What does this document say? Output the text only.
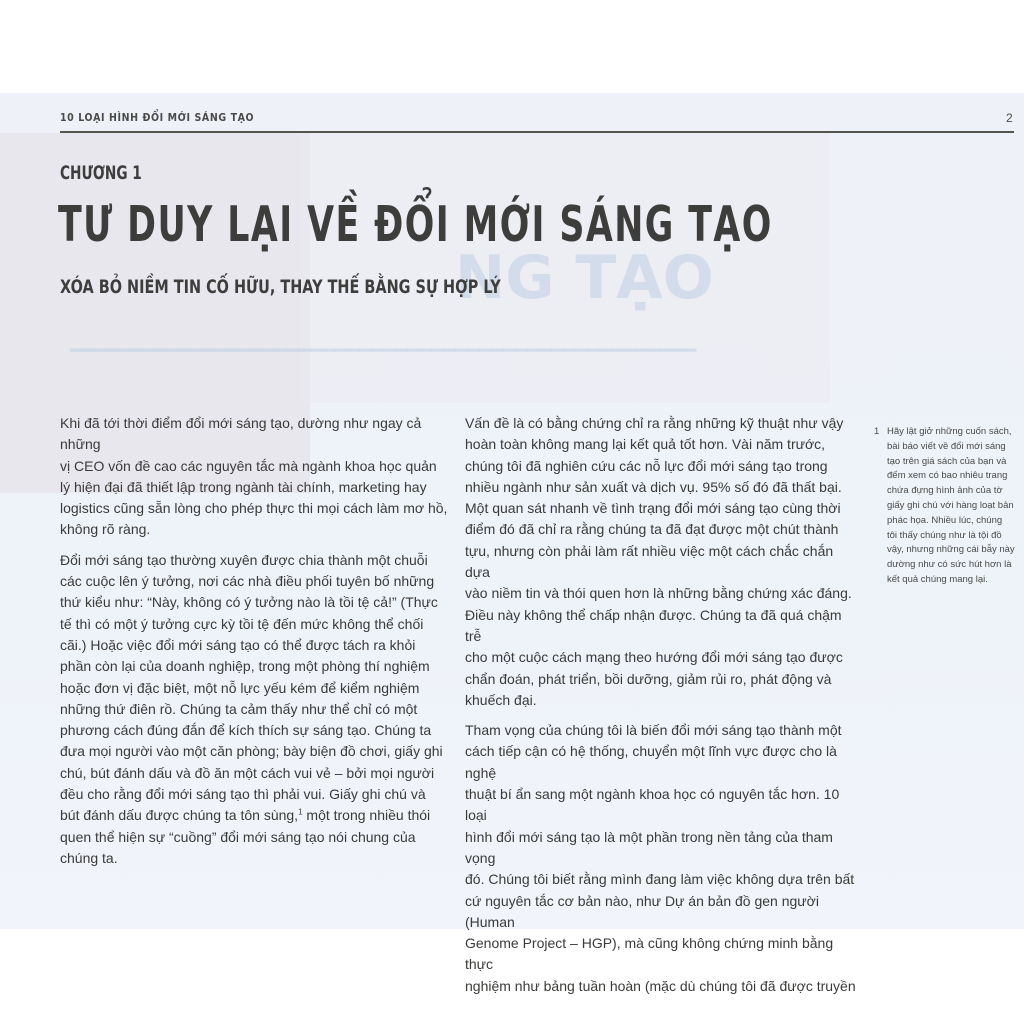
NG TẠO
━━━━━━━━━━━━━━━━━━━━━━━━━━━━━━━━━━━━━━━━━━━━━━━━━━━━
10 LOẠI HÌNH ĐỔI MỚI SÁNG TẠO	2
CHƯƠNG 1
TƯ DUY LẠI VỀ ĐỔI MỚI SÁNG TẠO
XÓA BỎ NIỀM TIN CỐ HỮU, THAY THẾ BẰNG SỰ HỢP LÝ

Khi đã tới thời điểm đổi mới sáng tạo, dường như ngay cả những
vị CEO vốn đề cao các nguyên tắc mà ngành khoa học quản
lý hiện đại đã thiết lập trong ngành tài chính, marketing hay
logistics cũng sẵn lòng cho phép thực thi mọi cách làm mơ hồ,
không rõ ràng.

Đổi mới sáng tạo thường xuyên được chia thành một chuỗi
các cuộc lên ý tưởng, nơi các nhà điều phối tuyên bố những
thứ kiểu như: “Này, không có ý tưởng nào là tồi tệ cả!” (Thực
tế thì có một ý tưởng cực kỳ tồi tệ đến mức không thể chối
cãi.) Hoặc việc đổi mới sáng tạo có thể được tách ra khỏi
phần còn lại của doanh nghiệp, trong một phòng thí nghiệm
hoặc đơn vị đặc biệt, một nỗ lực yếu kém để kiểm nghiệm
những thứ điên rồ. Chúng ta cảm thấy như thể chỉ có một
phương cách đúng đắn để kích thích sự sáng tạo. Chúng ta
đưa mọi người vào một căn phòng; bày biện đồ chơi, giấy ghi
chú, bút đánh dấu và đồ ăn một cách vui vẻ – bởi mọi người
đều cho rằng đổi mới sáng tạo thì phải vui. Giấy ghi chú và
bút đánh dấu được chúng ta tôn sùng,$^1$ một trong nhiều thói
quen thể hiện sự “cuồng” đổi mới sáng tạo nói chung của
chúng ta.

Vấn đề là có bằng chứng chỉ ra rằng những kỹ thuật như vậy
hoàn toàn không mang lại kết quả tốt hơn. Vài năm trước,
chúng tôi đã nghiên cứu các nỗ lực đổi mới sáng tạo trong
nhiều ngành như sản xuất và dịch vụ. 95% số đó đã thất bại.
Một quan sát nhanh về tình trạng đổi mới sáng tạo cùng thời
điểm đó đã chỉ ra rằng chúng ta đã đạt được một chút thành
tựu, nhưng còn phải làm rất nhiều việc một cách chắc chắn dựa
vào niềm tin và thói quen hơn là những bằng chứng xác đáng.
Điều này không thể chấp nhận được. Chúng ta đã quá chậm trễ
cho một cuộc cách mạng theo hướng đổi mới sáng tạo được
chẩn đoán, phát triển, bồi dưỡng, giảm rủi ro, phát động và
khuếch đại.

Tham vọng của chúng tôi là biến đổi mới sáng tạo thành một
cách tiếp cận có hệ thống, chuyển một lĩnh vực được cho là nghệ
thuật bí ẩn sang một ngành khoa học có nguyên tắc hơn. 10 loại
hình đổi mới sáng tạo là một phần trong nền tảng của tham vọng
đó. Chúng tôi biết rằng mình đang làm việc không dựa trên bất
cứ nguyên tắc cơ bản nào, như Dự án bản đồ gen người (Human
Genome Project – HGP), mà cũng không chứng minh bằng thực
nghiệm như bảng tuần hoàn (mặc dù chúng tôi đã được truyền

1 Hãy lật giở những cuốn sách,
bài báo viết về đổi mới sáng
tạo trên giá sách của bạn và
đếm xem có bao nhiêu trang
chứa đựng hình ảnh của tờ
giấy ghi chú với hàng loạt bản
phác họa. Nhiều lúc, chúng
tôi thấy chúng như là tội đồ
vậy, nhưng những cái bẫy này
dường như có sức hút hơn là
kết quả chúng mang lại.
